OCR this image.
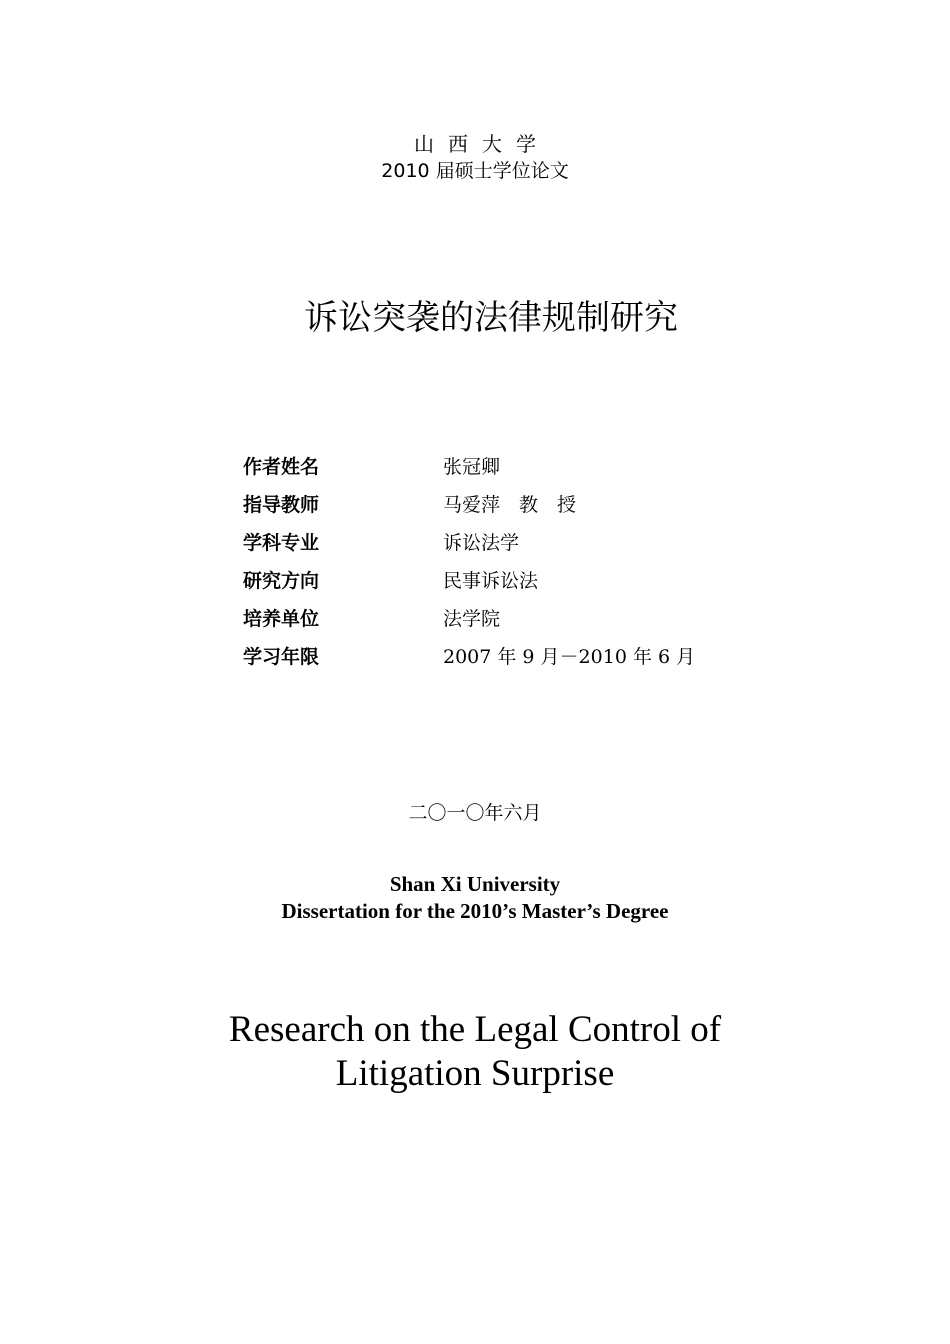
山西大学
2010 届硕士学位论文
诉讼突袭的法律规制研究
作者姓名	张冠卿
指导教师	马爱萍　教　授
学科专业	诉讼法学
研究方向	民事诉讼法
培养单位	法学院
学习年限	2007 年 9 月－2010 年 6 月
二〇一〇年六月
Shan Xi University
Dissertation for the 2010’s Master’s Degree
Research on the Legal Control of
Litigation Surprise
